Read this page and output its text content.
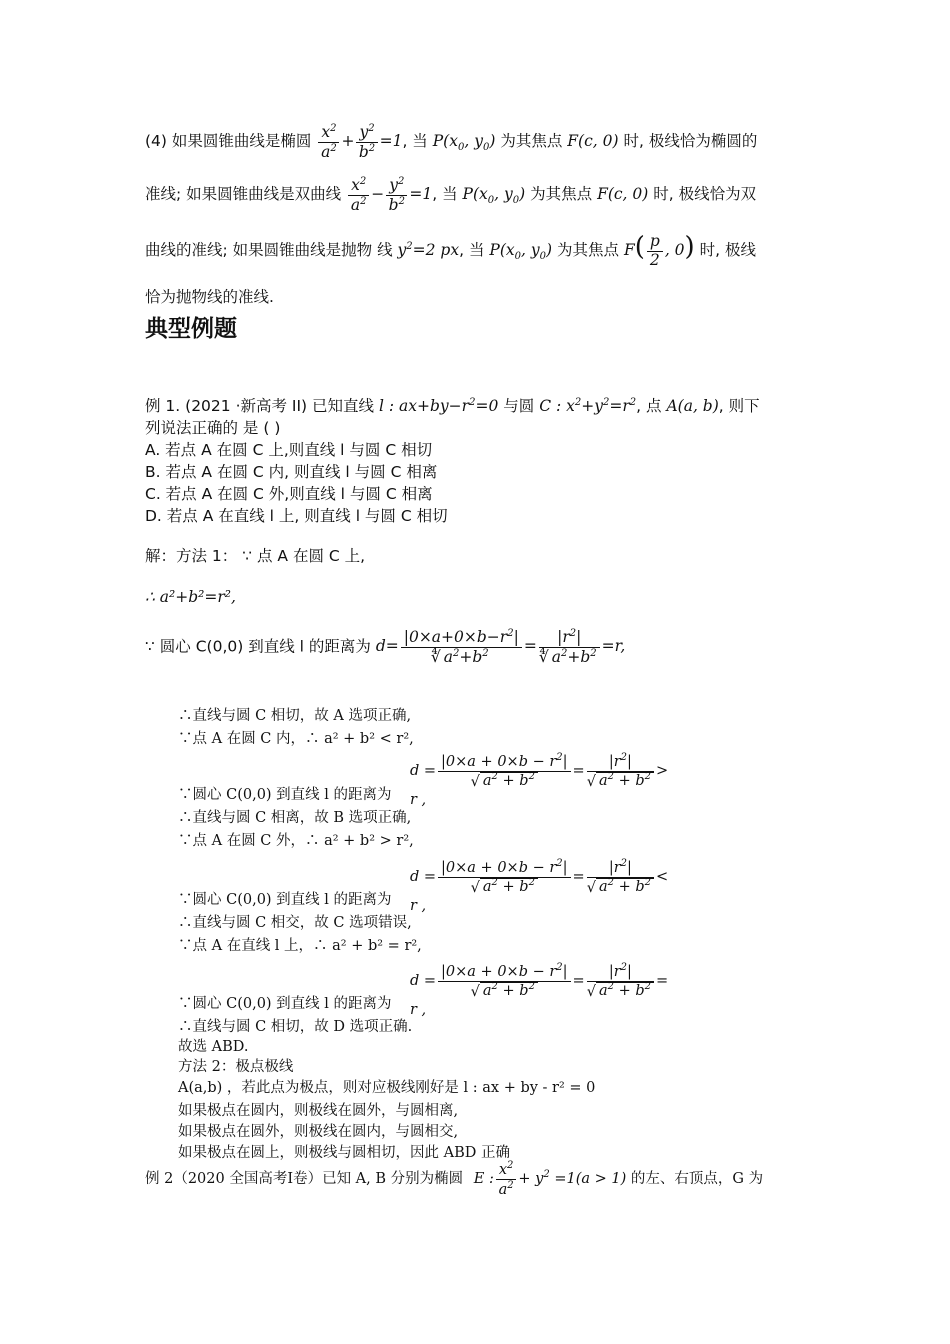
(4) 如果圆锥曲线是椭圆 $\frac{x^2}{a^2} + \frac{y^2}{b^2} =1$, 当 $P(x_0$, $y_0$) 为其焦点 F(c, 0) 时, 极线恰为椭圆的
准线; 如果圆锥曲线是双曲线 $\frac{x^2}{a^2} - \frac{y^2}{b^2} =1$, 当 $P(x_0$, $y_0$) 为其焦点 F(c, 0) 时, 极线恰为双
曲线的准线; 如果圆锥曲线是抛物 线 $y^2=2$ px, 当 $P(x_0$, $y_0$) 为其焦点 $F( \frac{p}{2}$ , 0) 时, 极线
恰为抛物线的准线.
典型例题
例 1. (2021 ·新高考 II) 已知直线 l : $ax+by-r^2=0$ 与圆 C : $x^2+y^2=r^2$, 点 A(a, b), 则下
列说法正确的 是 ( )
A. 若点 A 在圆 C 上,则直线 l 与圆 C 相切
B. 若点 A 在圆 C 内, 则直线 l 与圆 C 相离
C. 若点 A 在圆 C 外,则直线 l 与圆 C 相离
D. 若点 A 在直线 l 上, 则直线 l 与圆 C 相切
解：方法 1： ∵ 点 A 在圆 C 上,
∴ a²+b²=r²,
∵ 圆心 C(0,0) 到直线 l 的距离为 $d= \frac{|0\times a+0\times b-r^2|}{∜ a^2+b^2} = \frac{|r^2|}{∜ a^2+b^2} =r$,
∴直线与圆 C 相切，故 A 选项正确,
∵点 A 在圆 C 内，∴ a² + b² < r²,
$d = \frac{|0\times a + 0\times b - r^2|}{√ a^2 + b^2} = \frac{|r^2|}{√ a^2 + b^2} > r$ ,
∵圆心 C(0,0) 到直线 l 的距离为
∴直线与圆 C 相离，故 B 选项正确,
∵点 A 在圆 C 外，∴ a² + b² > r²,
$d = \frac{|0\times a + 0\times b - r^2|}{√ a^2 + b^2} = \frac{|r^2|}{√ a^2 + b^2} < r$ ,
∵圆心 C(0,0) 到直线 l 的距离为
∴直线与圆 C 相交，故 C 选项错误,
∵点 A 在直线 l 上，∴ a² + b² = r²,
$d = \frac{|0\times a + 0\times b - r^2|}{√ a^2 + b^2} = \frac{|r^2|}{√ a^2 + b^2} = r$ ,
∵圆心 C(0,0) 到直线 l 的距离为
∴直线与圆 C 相切，故 D 选项正确.
故选 ABD.
方法 2：极点极线
A(a,b) ，若此点为极点，则对应极线刚好是 l : ax + by - r² = 0
如果极点在圆内，则极线在圆外，与圆相离,
如果极点在圆外，则极线在圆内，与圆相交,
如果极点在圆上，则极线与圆相切，因此 ABD 正确
例 2（2020 全国高考Ⅰ卷）已知 A, B 分别为椭圆 E : $\frac{x^2}{a^2} + y^2 =1(a > 1)$ 的左、右顶点，G 为
